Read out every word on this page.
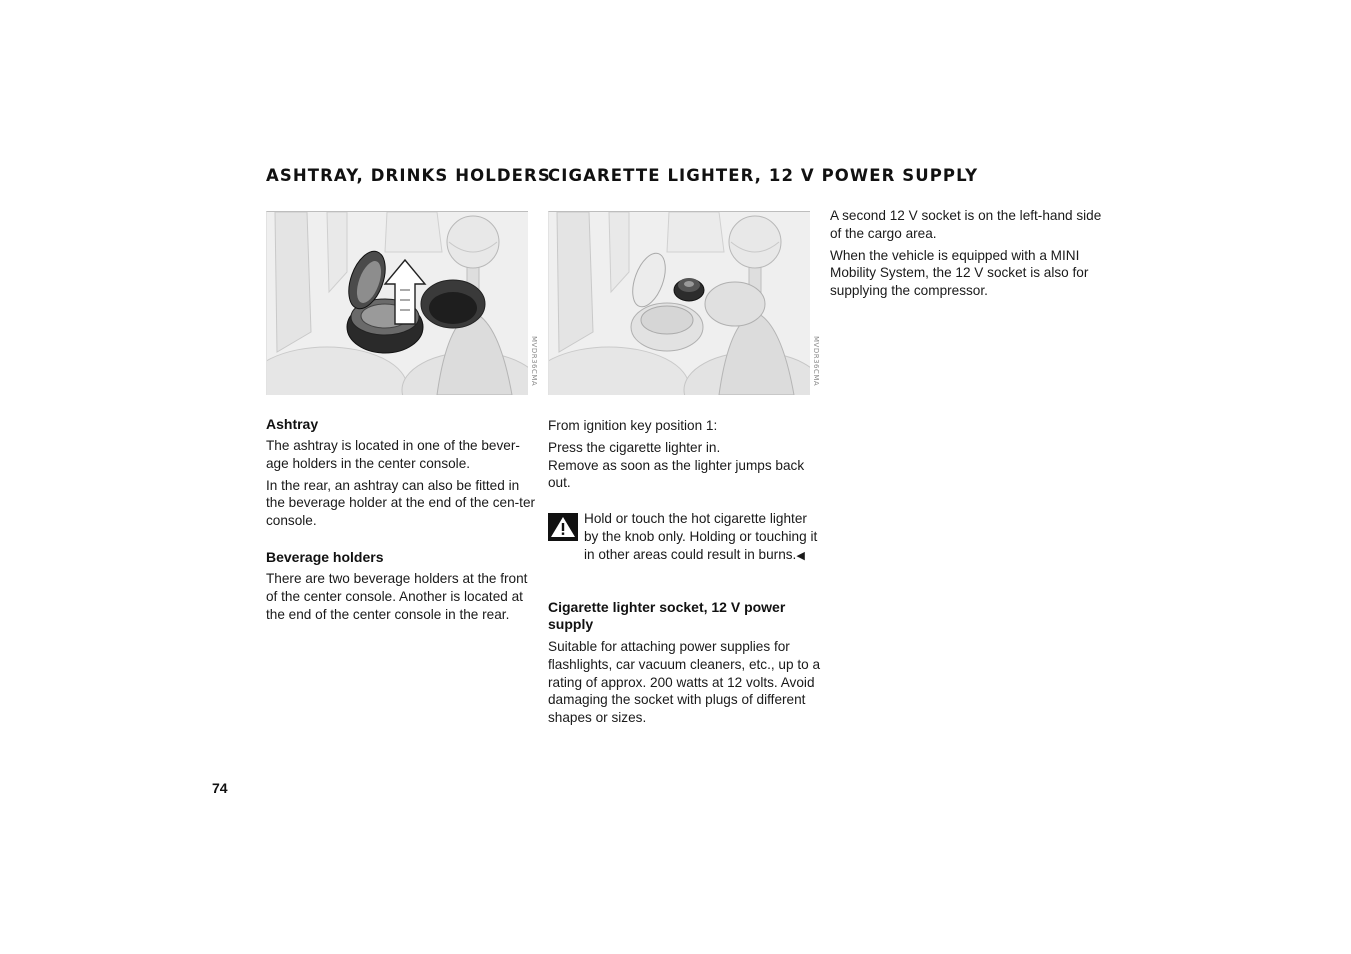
ASHTRAY, DRINKS HOLDERS
CIGARETTE LIGHTER, 12 V POWER SUPPLY
MVDR36CMA	MVDR36CMA
Ashtray

The ashtray is located in one of the bever-age holders in the center console.

In the rear, an ashtray can also be fitted in the beverage holder at the end of the cen-ter console.

Beverage holders

There are two beverage holders at the front of the center console. Another is located at the end of the center console in the rear.

From ignition key position 1:

Press the cigarette lighter in.
Remove as soon as the lighter jumps back out.
Hold or touch the hot cigarette lighter by the knob only. Holding or touching it in other areas could result in burns.◀
Cigarette lighter socket, 12 V power supply

Suitable for attaching power supplies for flashlights, car vacuum cleaners, etc., up to a rating of approx. 200 watts at 12 volts. Avoid damaging the socket with plugs of different shapes or sizes.

A second 12 V socket is on the left-hand side of the cargo area.

When the vehicle is equipped with a MINI Mobility System, the 12 V socket is also for supplying the compressor.

74
